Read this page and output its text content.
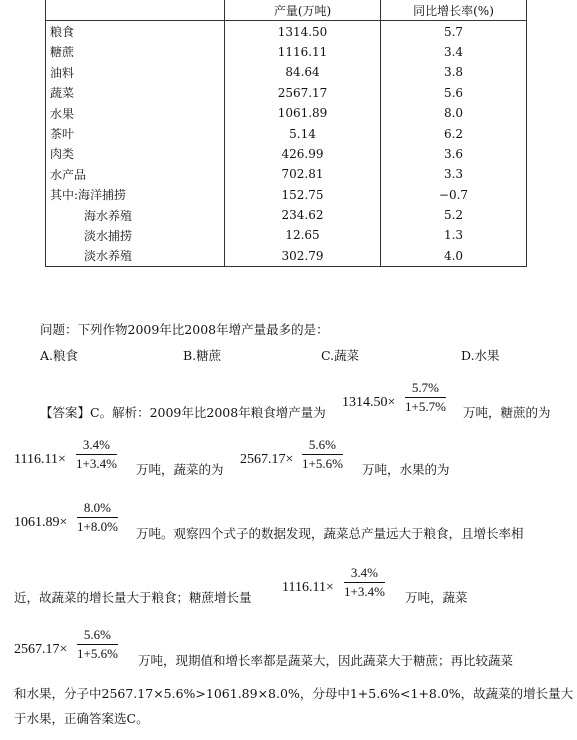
	产量(万吨)	同比增长率(%)
粮食	1314.50	5.7
糖蔗	1116.11	3.4
油料	84.64	3.8
蔬菜	2567.17	5.6
水果	1061.89	8.0
茶叶	5.14	6.2
肉类	426.99	3.6
水产品	702.81	3.3
其中:海洋捕捞	152.75	−0.7
海水养殖	234.62	5.2
淡水捕捞	12.65	1.3
淡水养殖	302.79	4.0
问题：下列作物2009年比2008年增产量最多的是：
A.粮食	B.糖蔗	C.蔬菜	D.水果
【答案】C。解析：2009年比2008年粮食增产量为
$1314.50\times \frac{5.7\%}{1+5.7\%}$ 万吨，糖蔗的为
$1116.11\times \frac{3.4\%}{1+3.4\%}$ 万吨，蔬菜的为
$2567.17\times \frac{5.6\%}{1+5.6\%}$ 万吨，水果的为
$1061.89\times \frac{8.0\%}{1+8.0\%}$ 万吨。观察四个式子的数据发现，蔬菜总产量远大于粮食，且增长率相
近，故蔬菜的增长量大于粮食；糖蔗增长量
$1116.11\times \frac{3.4\%}{1+3.4\%}$ 万吨，蔬菜
$2567.17\times \frac{5.6\%}{1+5.6\%}$ 万吨，现期值和增长率都是蔬菜大，因此蔬菜大于糖蔗；再比较蔬菜
和水果，分子中2567.17×5.6%>1061.89×8.0%，分母中1+5.6%<1+8.0%，故蔬菜的增长量大
于水果，正确答案选C。
